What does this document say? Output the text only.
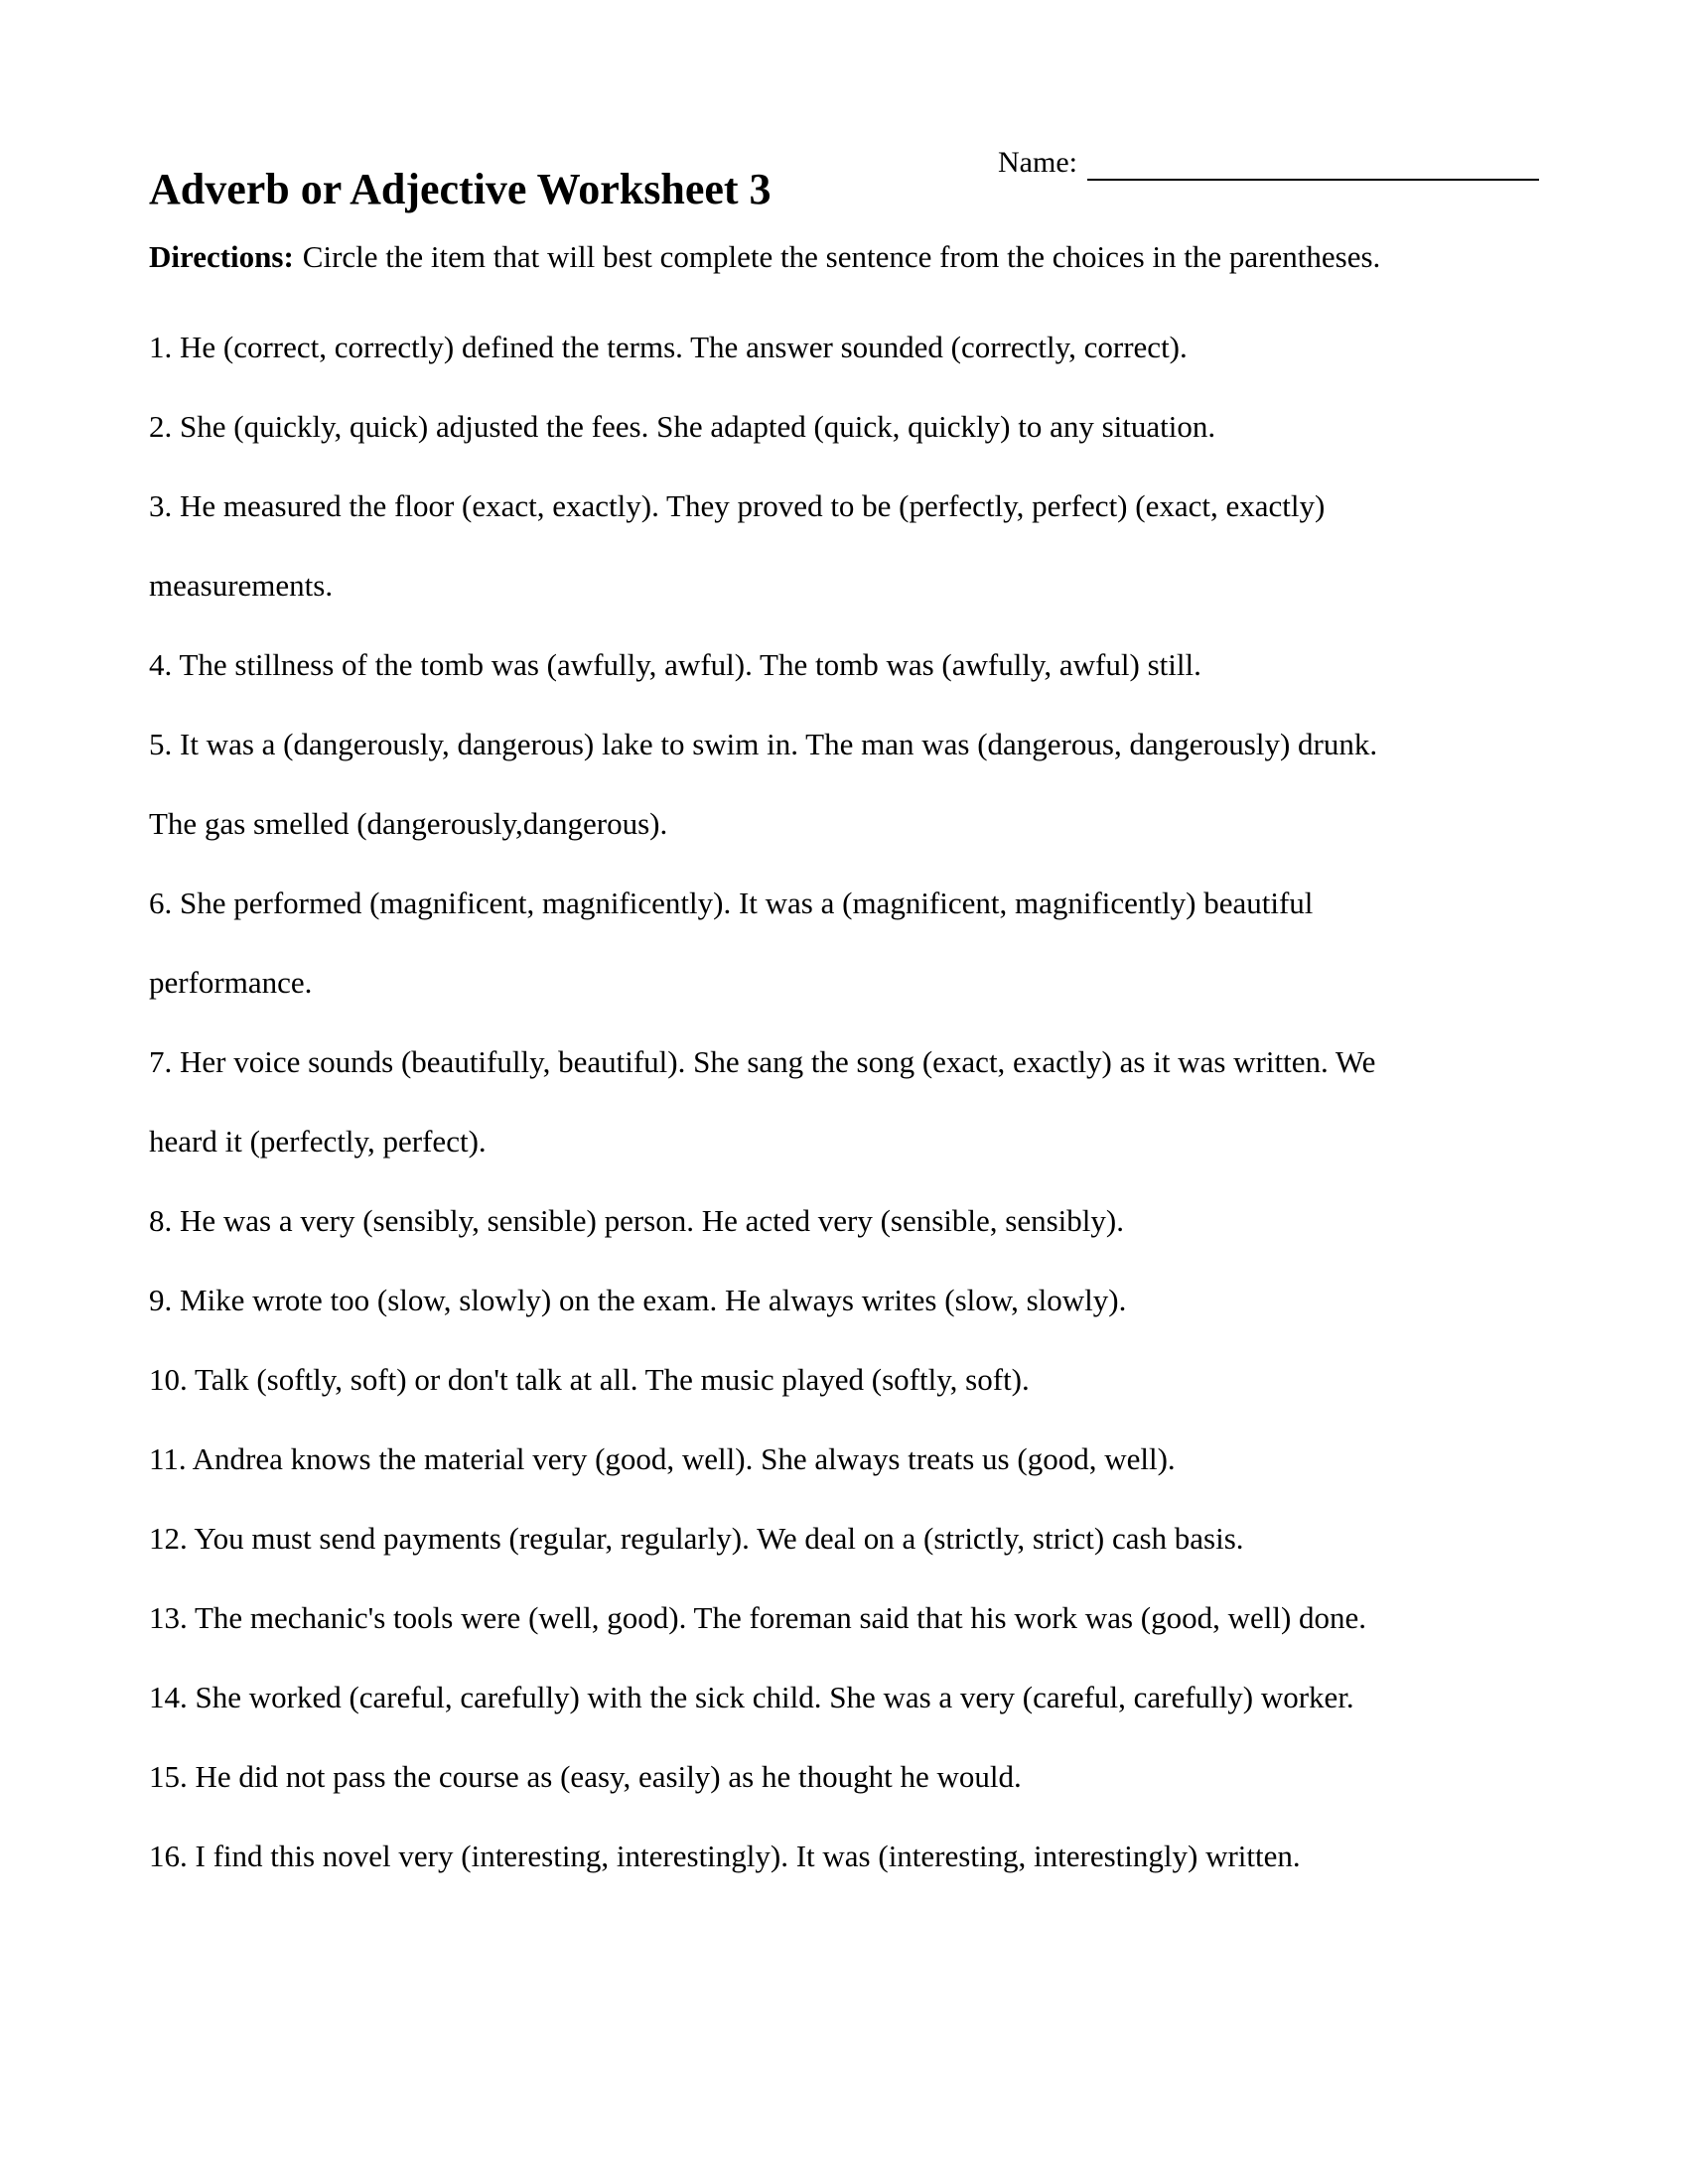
Name:
Adverb or Adjective Worksheet 3
Directions: Circle the item that will best complete the sentence from the choices in the parentheses.
1. He (correct, correctly) defined the terms. The answer sounded (correctly, correct).
2. She (quickly, quick) adjusted the fees. She adapted (quick, quickly) to any situation.
3. He measured the floor (exact, exactly). They proved to be (perfectly, perfect) (exact, exactly)
measurements.
4. The stillness of the tomb was (awfully, awful). The tomb was (awfully, awful) still.
5. It was a (dangerously, dangerous) lake to swim in. The man was (dangerous, dangerously) drunk.
The gas smelled (dangerously,dangerous).
6. She performed (magnificent, magnificently). It was a (magnificent, magnificently) beautiful
performance.
7. Her voice sounds (beautifully, beautiful). She sang the song (exact, exactly) as it was written. We
heard it (perfectly, perfect).
8. He was a very (sensibly, sensible) person. He acted very (sensible, sensibly).
9. Mike wrote too (slow, slowly) on the exam. He always writes (slow, slowly).
10. Talk (softly, soft) or don't talk at all. The music played (softly, soft).
11. Andrea knows the material very (good, well). She always treats us (good, well).
12. You must send payments (regular, regularly). We deal on a (strictly, strict) cash basis.
13. The mechanic's tools were (well, good). The foreman said that his work was (good, well) done.
14. She worked (careful, carefully) with the sick child. She was a very (careful, carefully) worker.
15. He did not pass the course as (easy, easily) as he thought he would.
16. I find this novel very (interesting, interestingly). It was (interesting, interestingly) written.
